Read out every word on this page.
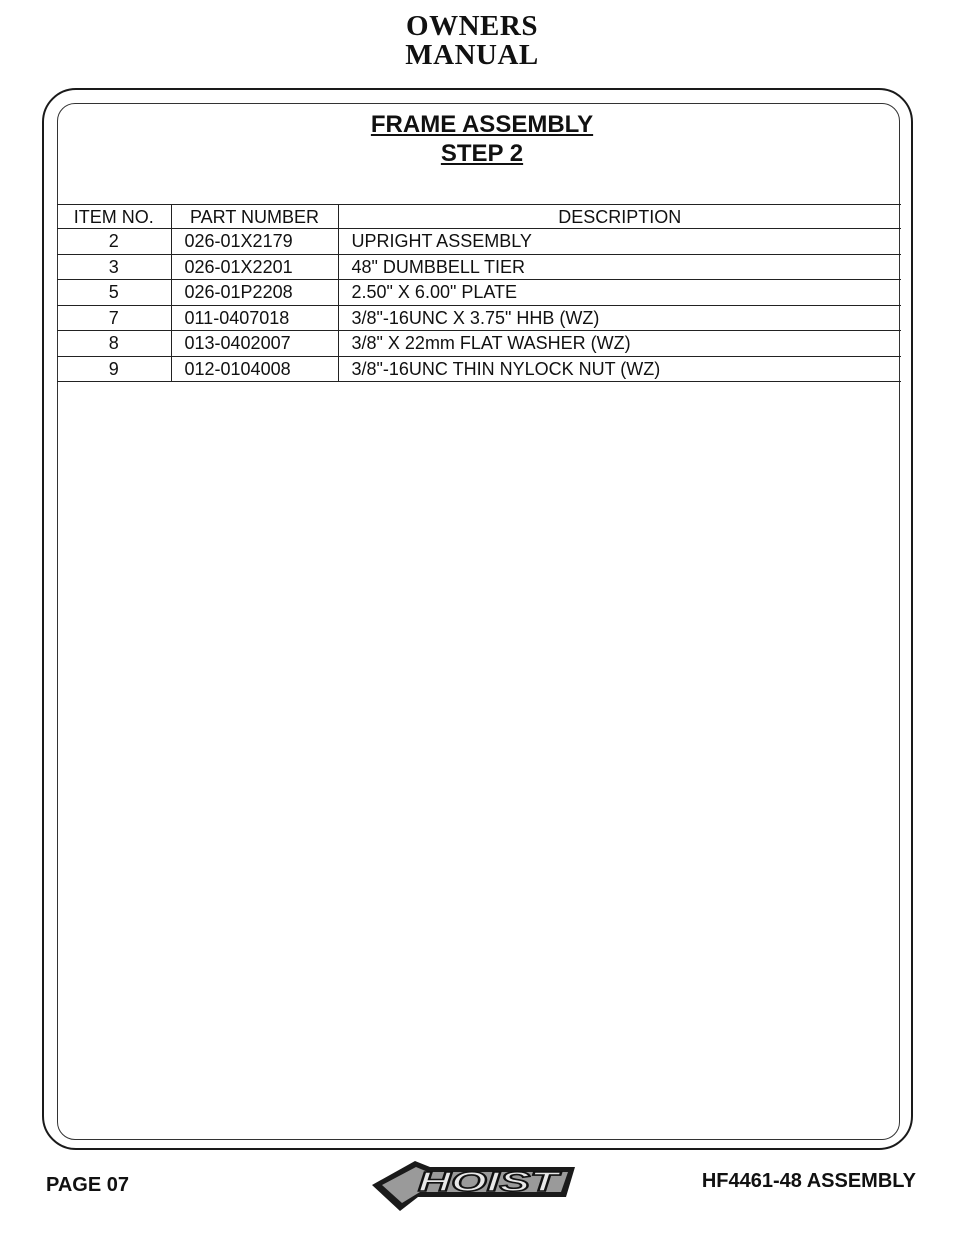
OWNERS
MANUAL
FRAME ASSEMBLY
STEP 2
ITEM NO.	PART NUMBER	DESCRIPTION
2	026-01X2179	UPRIGHT ASSEMBLY
3	026-01X2201	48" DUMBBELL TIER
5	026-01P2208	2.50" X 6.00" PLATE
7	011-0407018	3/8"-16UNC X 3.75" HHB (WZ)
8	013-0402007	3/8" X 22mm FLAT WASHER (WZ)
9	012-0104008	3/8"-16UNC THIN NYLOCK NUT (WZ)
PAGE 07	HOIST	HF4461-48 ASSEMBLY
